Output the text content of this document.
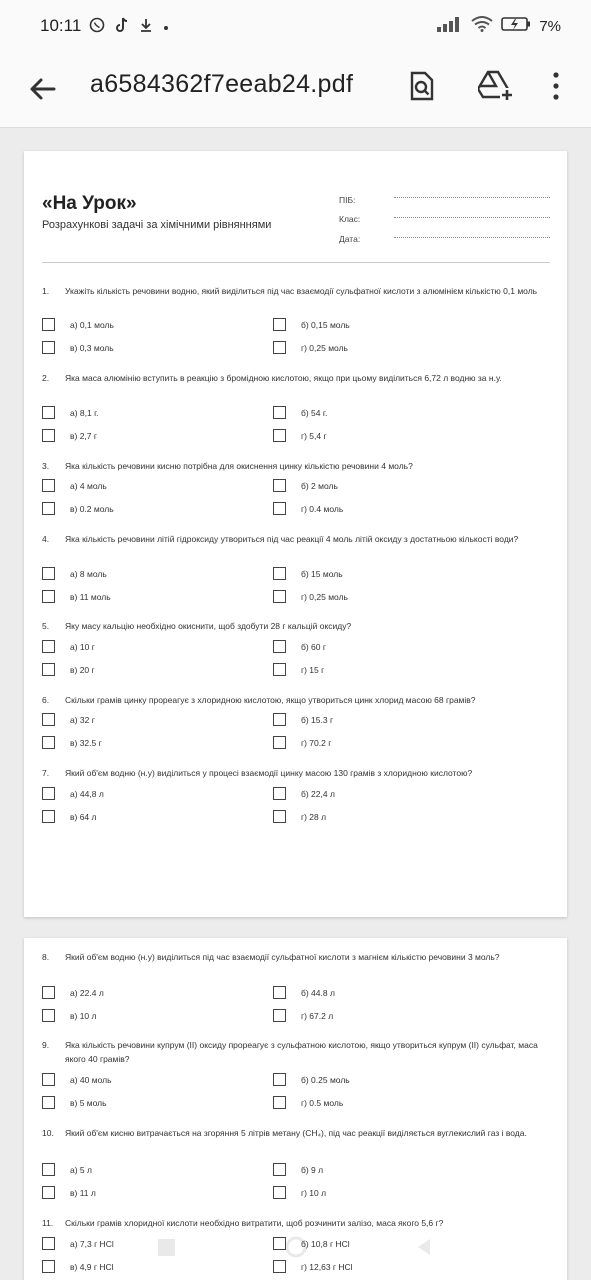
10:11	7%
a6584362f7eeab24.pdf
«На Урок»
Розрахункові задачі за хімічними рівняннями
ПІБ:
Клас:
Дата:
1.	Укажіть кількість речовини водню, який виділиться під час взаємодії сульфатної кислоти з алюмінієм кількістю 0,1 моль
а) 0,1 моль	б) 0,15 моль
в) 0,3 моль	г) 0,25 моль
2.	Яка маса алюмінію вступить в реакцію з бромідною кислотою, якщо при цьому виділиться 6,72 л водню за н.у.
а) 8,1 г.	б) 54 г.
в) 2,7 г	г) 5,4 г
3.	Яка кількість речовини кисню потрібна для окиснення цинку кількістю речовини 4 моль?
а) 4 моль	б) 2 моль
в) 0.2 моль	г) 0.4 моль
4.	Яка кількість речовини літій гідроксиду утвориться під час реакції 4 моль літій оксиду з достатньою кількості води?
а) 8 моль	б) 15 моль
в) 11 моль	г) 0,25 моль
5.	Яку масу кальцію необхідно окиснити, щоб здобути 28 г кальцій оксиду?
а) 10 г	б) 60 г
в) 20 г	г) 15 г
6.	Скільки грамів цинку прореагує з хлоридною кислотою, якщо утвориться цинк хлорид масою 68 грамів?
а) 32 г	б) 15.3 г
в) 32.5 г	г) 70.2 г
7.	Який об'єм водню (н.у) виділиться у процесі взаємодії цинку масою 130 грамів з хлоридною кислотою?
а) 44,8 л	б) 22,4 л
в) 64 л	г) 28 л
8.	Який об'єм водню (н.у) виділиться під час взаємодії сульфатної кислоти з магнієм кількістю речовини 3 моль?
а) 22.4 л	б) 44.8 л
в) 10 л	г) 67.2 л
9.	Яка кількість речовини купрум (II) оксиду прореагує з сульфатною кислотою, якщо утвориться купрум (II) сульфат, маса якого 40 грамів?
а) 40 моль	б) 0.25 моль
в) 5 моль	г) 0.5 моль
10.	Який об'єм кисню витрачається на згоряння 5 літрів метану (CH₄), під час реакції виділяється вуглекислий газ і вода.
а) 5 л	б) 9 л
в) 11 л	г) 10 л
11.	Скільки грамів хлоридної кислоти необхідно витратити, щоб розчинити залізо, маса якого 5,6 г?
а) 7,3 г HCl	б) 10,8 г HCl
в) 4,9 г HCl	г) 12,63 г HCl
